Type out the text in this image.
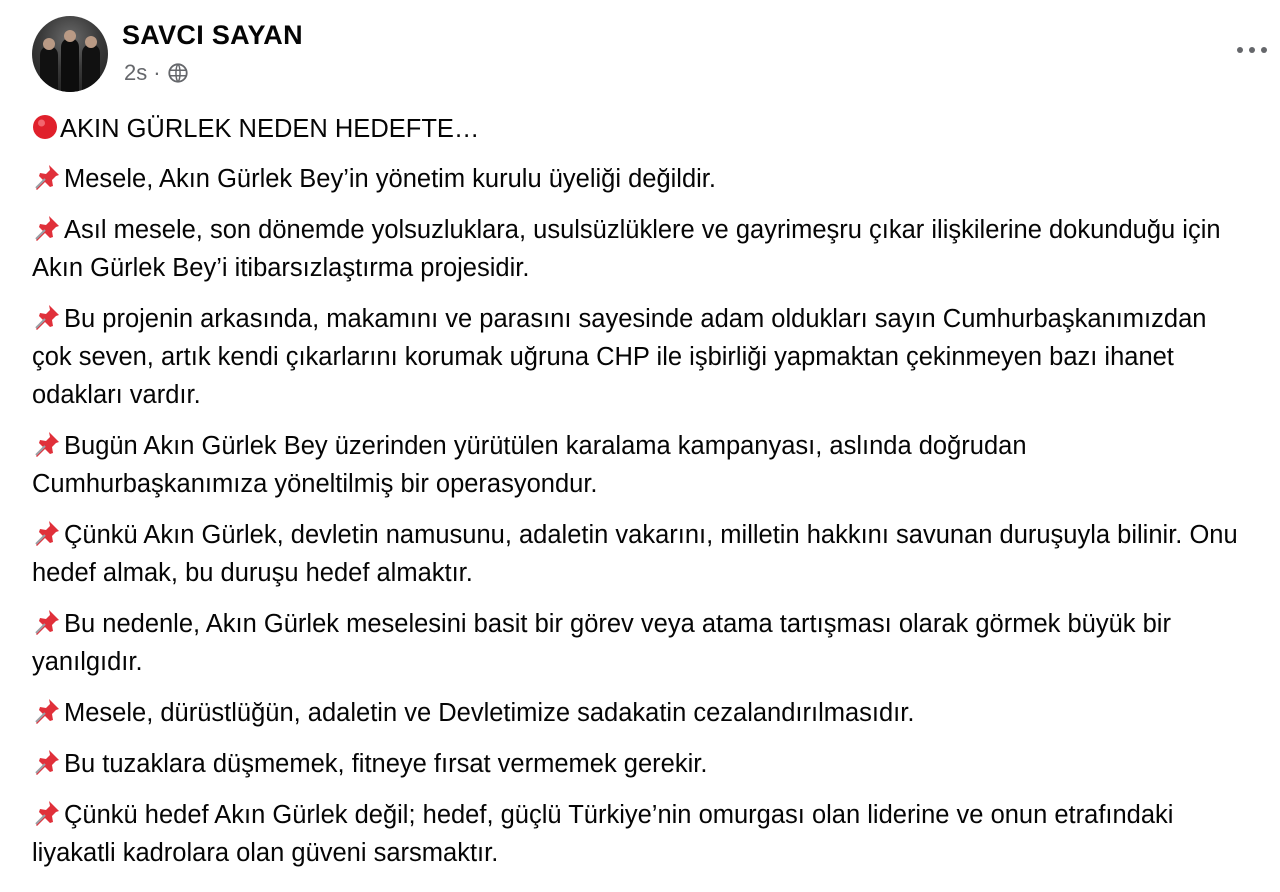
SAVCI SAYAN
2s ·

AKIN GÜRLEK NEDEN HEDEFTE…

Mesele, Akın Gürlek Bey’in yönetim kurulu üyeliği değildir.

Asıl mesele, son dönemde yolsuzluklara, usulsüzlüklere ve gayrimeşru çıkar ilişkilerine dokunduğu için Akın Gürlek Bey’i itibarsızlaştırma projesidir.

Bu projenin arkasında, makamını ve parasını sayesinde adam oldukları sayın Cumhurbaşkanımızdan çok seven, artık kendi çıkarlarını korumak uğruna CHP ile işbirliği yapmaktan çekinmeyen bazı ihanet odakları vardır.

Bugün Akın Gürlek Bey üzerinden yürütülen karalama kampanyası, aslında doğrudan Cumhurbaşkanımıza yöneltilmiş bir operasyondur.

Çünkü Akın Gürlek, devletin namusunu, adaletin vakarını, milletin hakkını savunan duruşuyla bilinir. Onu hedef almak, bu duruşu hedef almaktır.

Bu nedenle, Akın Gürlek meselesini basit bir görev veya atama tartışması olarak görmek büyük bir yanılgıdır.

Mesele, dürüstlüğün, adaletin ve Devletimize sadakatin cezalandırılmasıdır.

Bu tuzaklara düşmemek, fitneye fırsat vermemek gerekir.

Çünkü hedef Akın Gürlek değil; hedef, güçlü Türkiye’nin omurgası olan liderine ve onun etrafındaki liyakatli kadrolara olan güveni sarsmaktır.
